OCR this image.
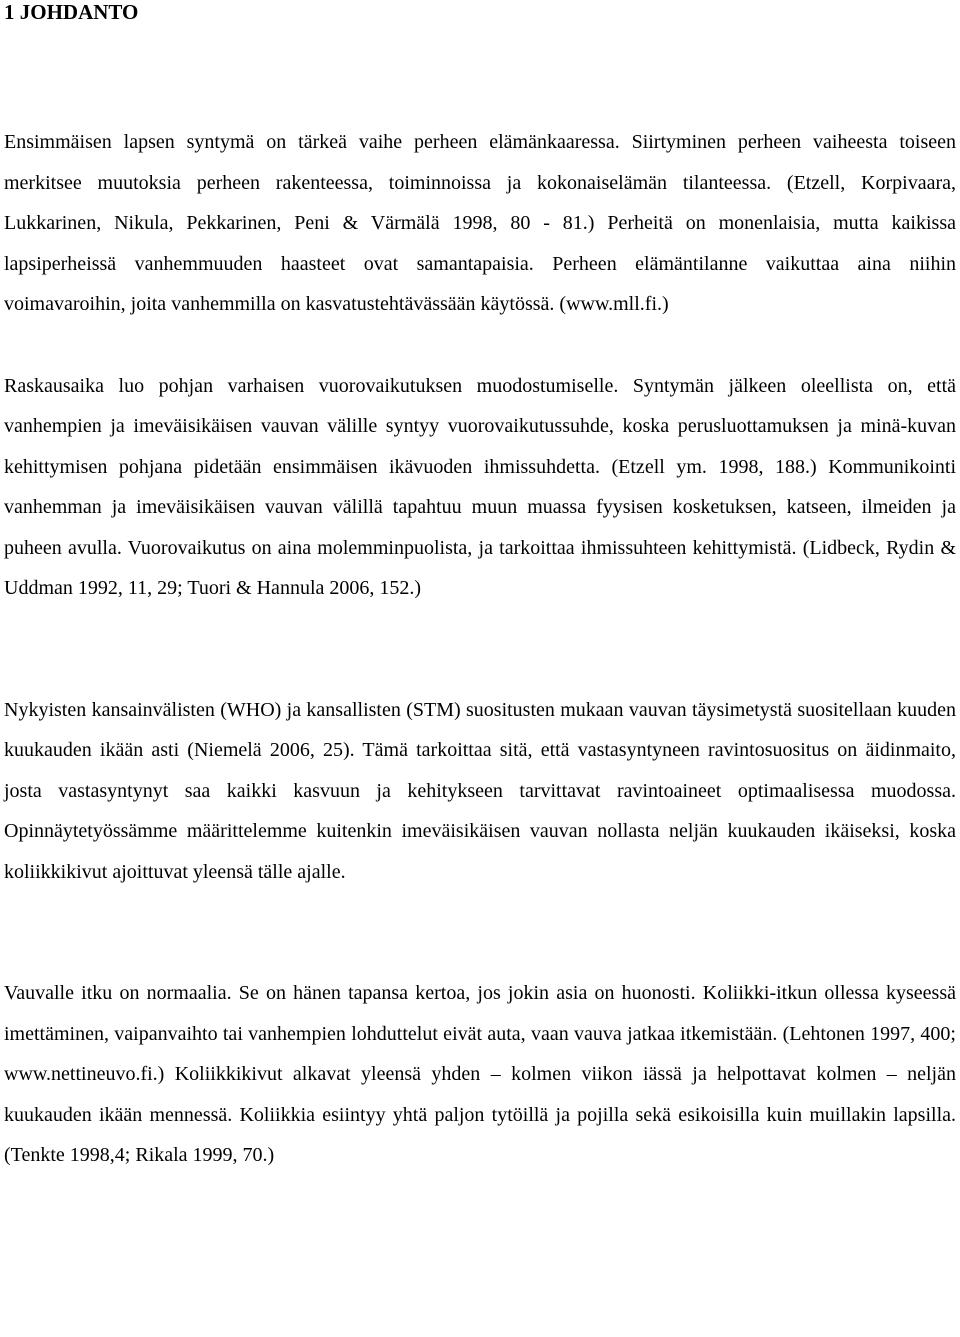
1 JOHDANTO

Ensimmäisen lapsen syntymä on tärkeä vaihe perheen elämänkaaressa. Siirtyminen perheen vaiheesta toiseen merkitsee muutoksia perheen rakenteessa, toiminnoissa ja kokonaiselämän tilanteessa. (Etzell, Korpivaara, Lukkarinen, Nikula, Pekkarinen, Peni & Värmälä 1998, 80 - 81.) Perheitä on monenlaisia, mutta kaikissa lapsiperheissä vanhemmuuden haasteet ovat samantapaisia. Perheen elämäntilanne vaikuttaa aina niihin voimavaroihin, joita vanhemmilla on kasvatustehtävässään käytössä. (www.mll.fi.)

Raskausaika luo pohjan varhaisen vuorovaikutuksen muodostumiselle. Syntymän jälkeen oleellista on, että vanhempien ja imeväisikäisen vauvan välille syntyy vuorovaikutussuhde, koska perusluottamuksen ja minä-kuvan kehittymisen pohjana pidetään ensimmäisen ikävuoden ihmissuhdetta. (Etzell ym. 1998, 188.) Kommunikointi vanhemman ja imeväisikäisen vauvan välillä tapahtuu muun muassa fyysisen kosketuksen, katseen, ilmeiden ja puheen avulla. Vuorovaikutus on aina molemminpuolista, ja tarkoittaa ihmissuhteen kehittymistä. (Lidbeck, Rydin & Uddman 1992, 11, 29; Tuori & Hannula 2006, 152.)

Nykyisten kansainvälisten (WHO) ja kansallisten (STM) suositusten mukaan vauvan täysimetystä suositellaan kuuden kuukauden ikään asti (Niemelä 2006, 25). Tämä tarkoittaa sitä, että vastasyntyneen ravintosuositus on äidinmaito, josta vastasyntynyt saa kaikki kasvuun ja kehitykseen tarvittavat ravintoaineet optimaalisessa muodossa. Opinnäytetyössämme määrittelemme kuitenkin imeväisikäisen vauvan nollasta neljän kuukauden ikäiseksi, koska koliikkikivut ajoittuvat yleensä tälle ajalle.

Vauvalle itku on normaalia. Se on hänen tapansa kertoa, jos jokin asia on huonosti. Koliikki-itkun ollessa kyseessä imettäminen, vaipanvaihto tai vanhempien lohduttelut eivät auta, vaan vauva jatkaa itkemistään. (Lehtonen 1997, 400; www.nettineuvo.fi.) Koliikkikivut alkavat yleensä yhden – kolmen viikon iässä ja helpottavat kolmen – neljän kuukauden ikään mennessä. Koliikkia esiintyy yhtä paljon tytöillä ja pojilla sekä esikoisilla kuin muillakin lapsilla. (Tenkte 1998,4; Rikala 1999, 70.)
